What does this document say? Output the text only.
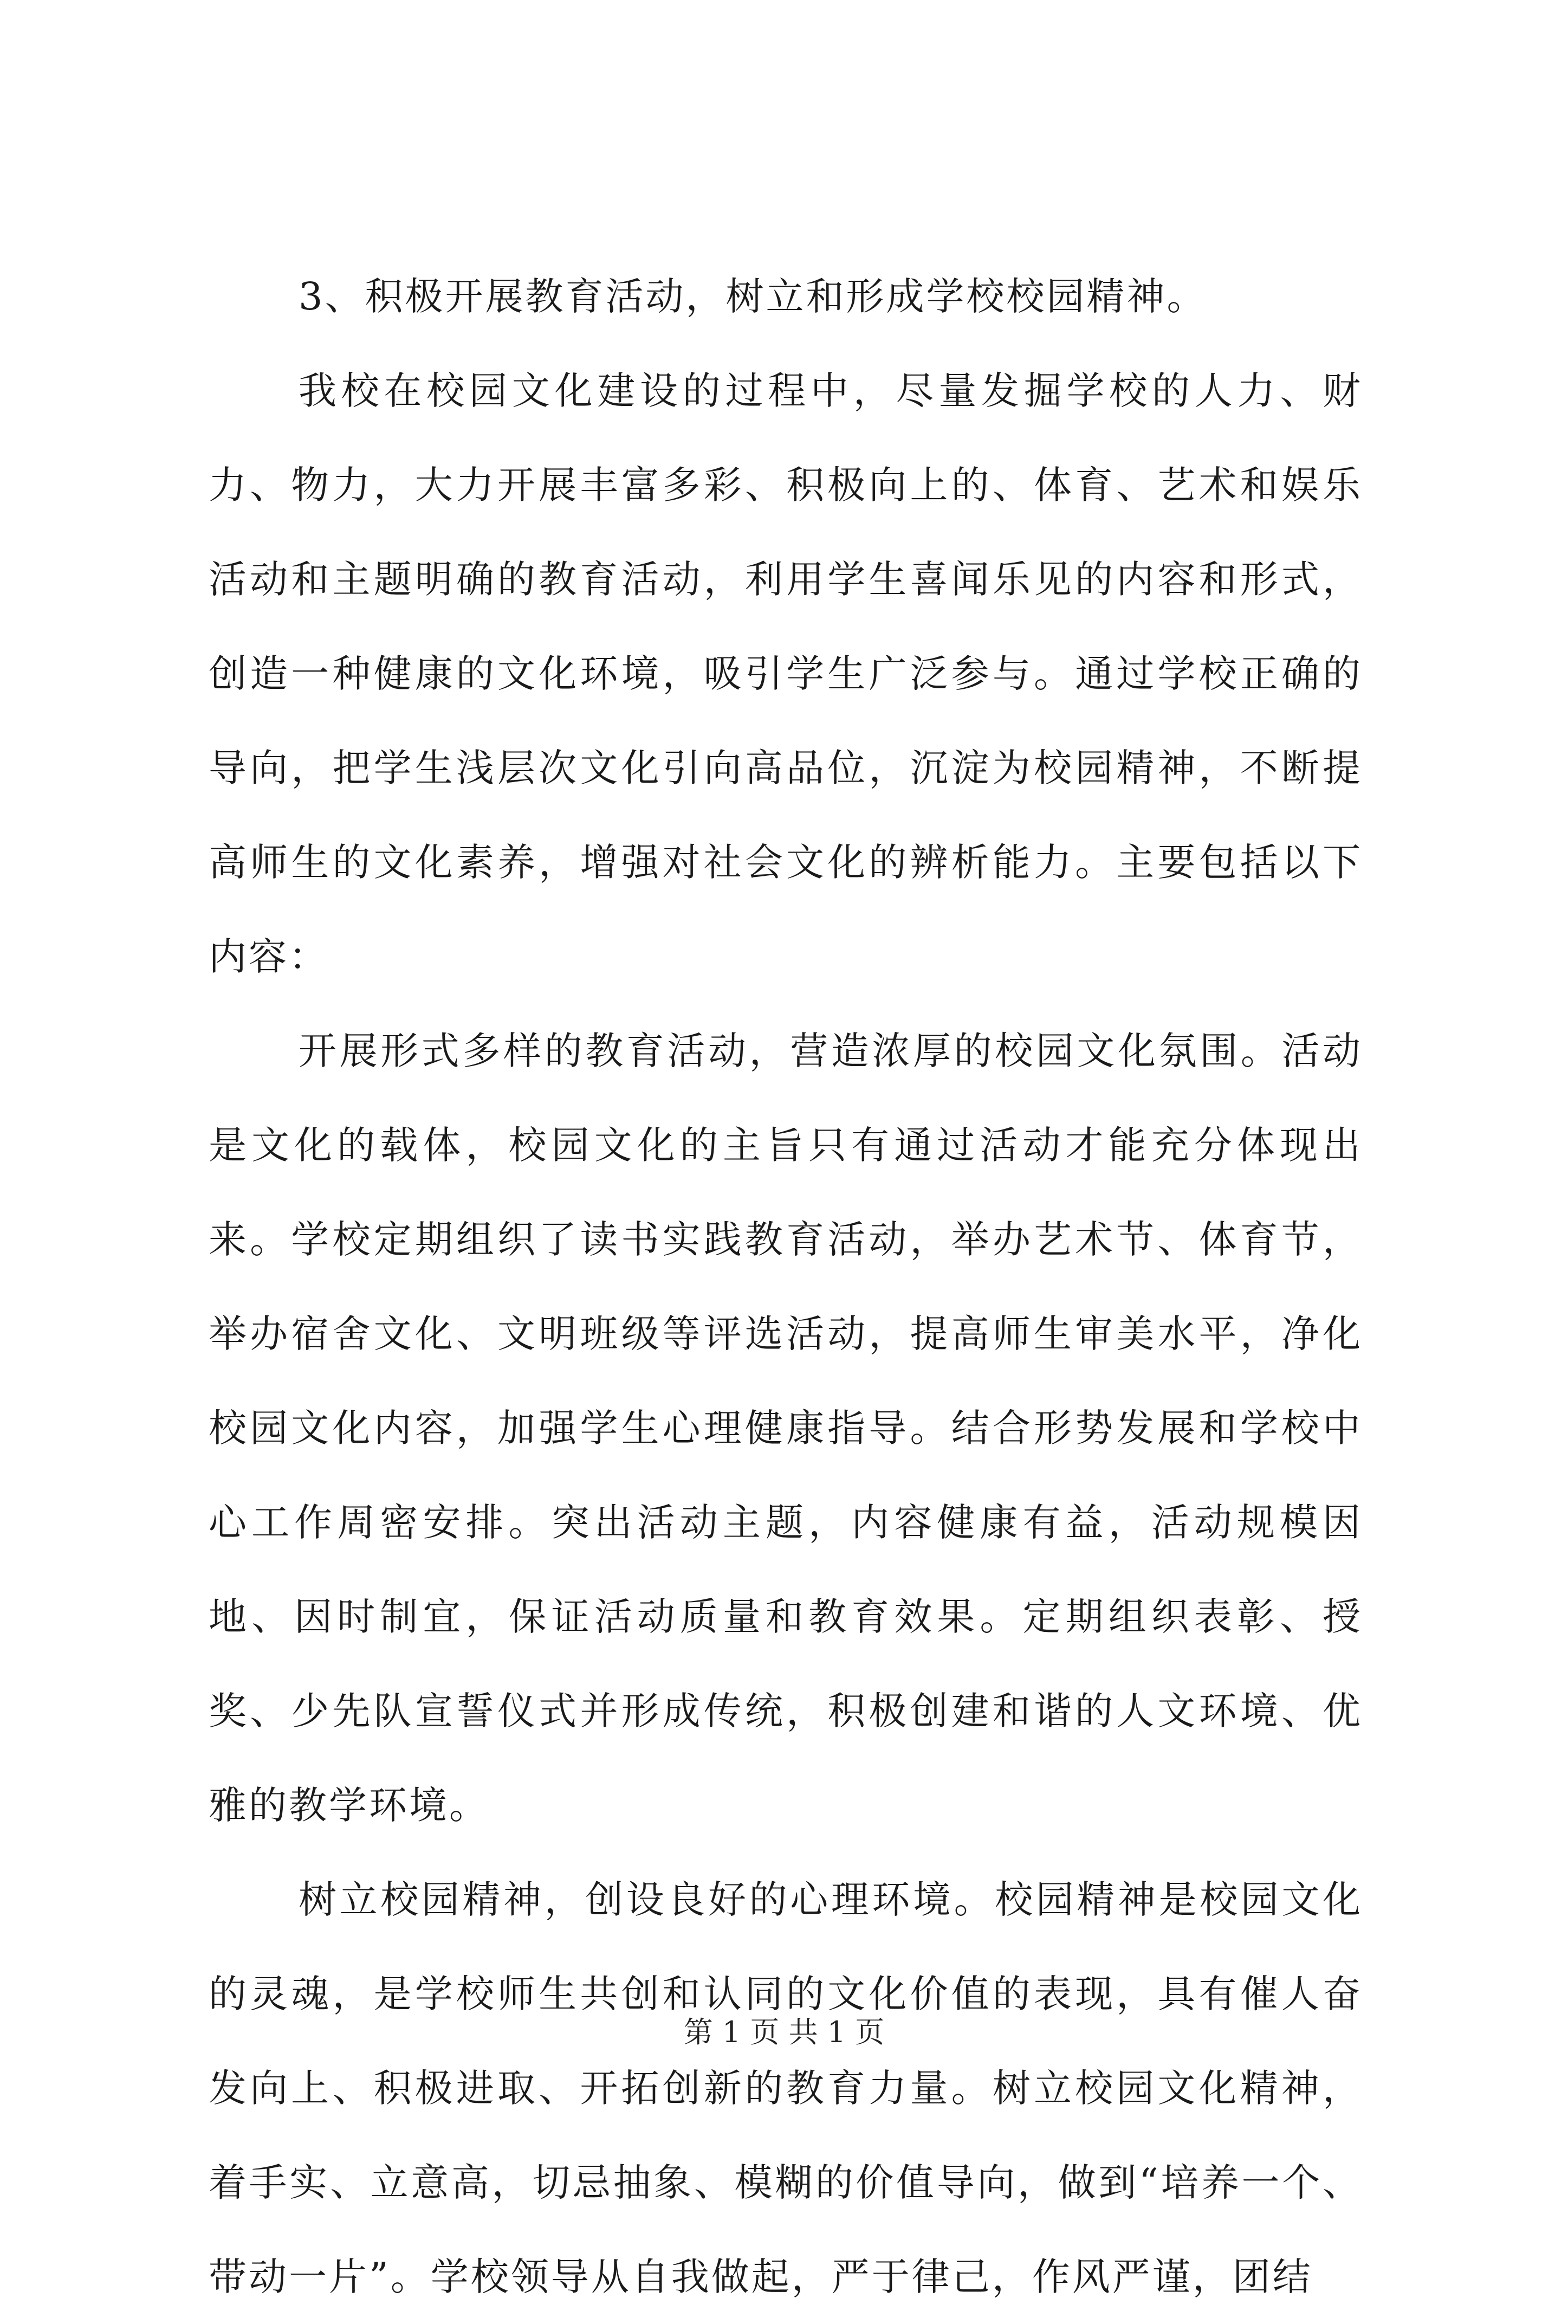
3、积极开展教育活动，树立和形成学校校园精神。

我校在校园文化建设的过程中，尽量发掘学校的人力、财力、物力，大力开展丰富多彩、积极向上的、体育、艺术和娱乐活动和主题明确的教育活动，利用学生喜闻乐见的内容和形式，创造一种健康的文化环境，吸引学生广泛参与。通过学校正确的导向，把学生浅层次文化引向高品位，沉淀为校园精神，不断提高师生的文化素养，增强对社会文化的辨析能力。主要包括以下内容：

开展形式多样的教育活动，营造浓厚的校园文化氛围。活动是文化的载体，校园文化的主旨只有通过活动才能充分体现出来。学校定期组织了读书实践教育活动，举办艺术节、体育节，举办宿舍文化、文明班级等评选活动，提高师生审美水平，净化校园文化内容，加强学生心理健康指导。结合形势发展和学校中心工作周密安排。突出活动主题，内容健康有益，活动规模因地、因时制宜，保证活动质量和教育效果。定期组织表彰、授奖、少先队宣誓仪式并形成传统，积极创建和谐的人文环境、优雅的教学环境。

树立校园精神，创设良好的心理环境。校园精神是校园文化的灵魂，是学校师生共创和认同的文化价值的表现，具有催人奋发向上、积极进取、开拓创新的教育力量。树立校园文化精神，着手实、立意高，切忌抽象、模糊的价值导向，做到“培养一个、带动一片”。学校领导从自我做起，严于律己，作风严谨，团结

第 1 页 共 1 页
